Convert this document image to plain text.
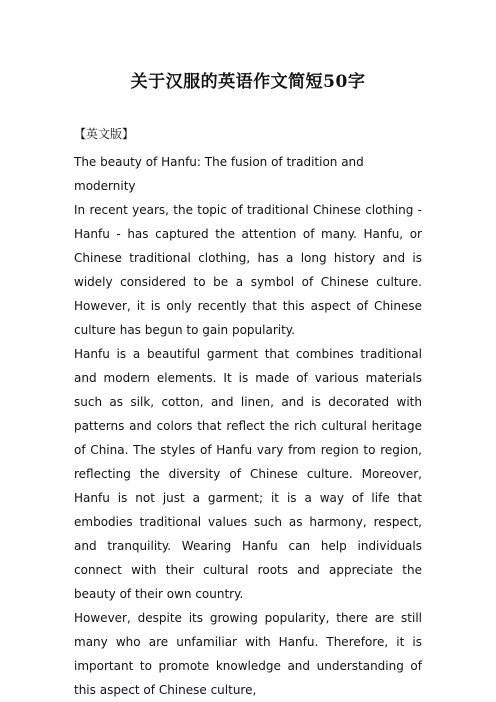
关于汉服的英语作文简短50字
【英文版】

The beauty of Hanfu: The fusion of tradition and modernity

In recent years, the topic of traditional Chinese clothing - Hanfu - has captured the attention of many. Hanfu, or Chinese traditional clothing, has a long history and is widely considered to be a symbol of Chinese culture. However, it is only recently that this aspect of Chinese culture has begun to gain popularity.

Hanfu is a beautiful garment that combines traditional and modern elements. It is made of various materials such as silk, cotton, and linen, and is decorated with patterns and colors that reflect the rich cultural heritage of China. The styles of Hanfu vary from region to region, reflecting the diversity of Chinese culture. Moreover, Hanfu is not just a garment; it is a way of life that embodies traditional values such as harmony, respect, and tranquility. Wearing Hanfu can help individuals connect with their cultural roots and appreciate the beauty of their own country.

However, despite its growing popularity, there are still many who are unfamiliar with Hanfu. Therefore, it is important to promote knowledge and understanding of this aspect of Chinese culture,
